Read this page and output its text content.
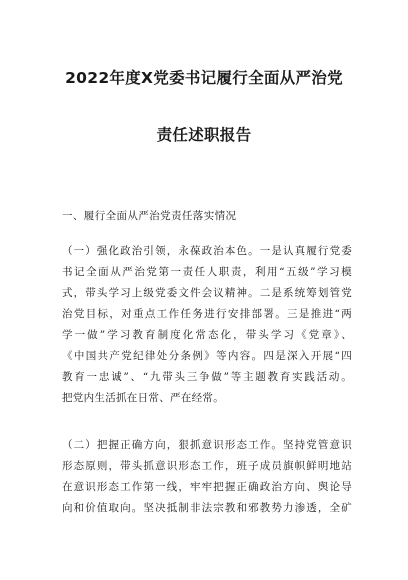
2022年度X党委书记履行全面从严治党
责任述职报告
一、履行全面从严治党责任落实情况
（一）强化政治引领，永葆政治本色。一是认真履行党委
书记全面从严治党第一责任人职责，利用“五级”学习模
式，带头学习上级党委文件会议精神。二是系统筹划管党
治党目标，对重点工作任务进行安排部署。三是推进“两
学一做”学习教育制度化常态化，带头学习《党章》、
《中国共产党纪律处分条例》等内容。四是深入开展“四
教育一忠诚”、“九带头三争做”等主题教育实践活动。
把党内生活抓在日常、严在经常。
（二）把握正确方向，狠抓意识形态工作。坚持党管意识
形态原则，带头抓意识形态工作，班子成员旗帜鲜明地站
在意识形态工作第一线，牢牢把握正确政治方向、舆论导
向和价值取向。坚决抵制非法宗教和邪教势力渗透，全矿
